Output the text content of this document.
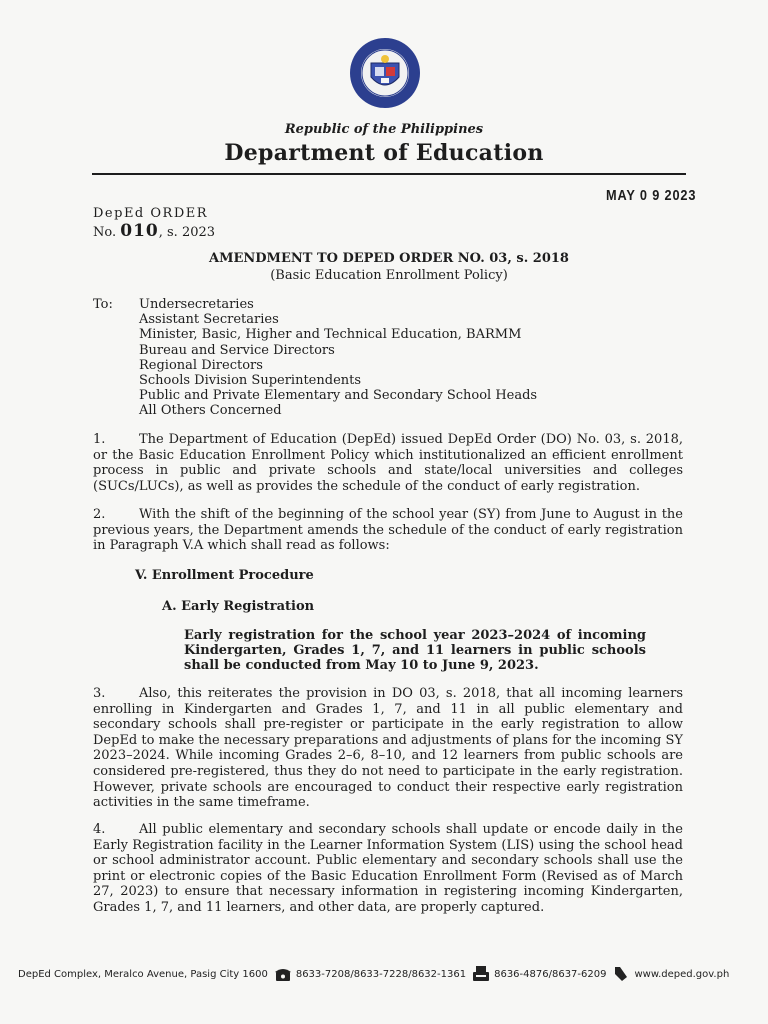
Republic of the Philippines
Department of Education
MAY 0 9 2023
DepEd ORDER
No. 010, s. 2023
AMENDMENT TO DEPED ORDER NO. 03, s. 2018
(Basic Education Enrollment Policy)
To: Undersecretaries
Assistant Secretaries
Minister, Basic, Higher and Technical Education, BARMM
Bureau and Service Directors
Regional Directors
Schools Division Superintendents
Public and Private Elementary and Secondary School Heads
All Others Concerned

1.	The Department of Education (DepEd) issued DepEd Order (DO) No. 03, s. 2018, or the Basic Education Enrollment Policy which institutionalized an efficient enrollment process in public and private schools and state/local universities and colleges (SUCs/LUCs), as well as provides the schedule of the conduct of early registration.

2.	With the shift of the beginning of the school year (SY) from June to August in the previous years, the Department amends the schedule of the conduct of early registration in Paragraph V.A which shall read as follows:

V. Enrollment Procedure
A. Early Registration

Early registration for the school year 2023–2024 of incoming Kindergarten, Grades 1, 7, and 11 learners in public schools shall be conducted from May 10 to June 9, 2023.

3.	Also, this reiterates the provision in DO 03, s. 2018, that all incoming learners enrolling in Kindergarten and Grades 1, 7, and 11 in all public elementary and secondary schools shall pre-register or participate in the early registration to allow DepEd to make the necessary preparations and adjustments of plans for the incoming SY 2023–2024. While incoming Grades 2–6, 8–10, and 12 learners from public schools are considered pre-registered, thus they do not need to participate in the early registration. However, private schools are encouraged to conduct their respective early registration activities in the same timeframe.

4.	All public elementary and secondary schools shall update or encode daily in the Early Registration facility in the Learner Information System (LIS) using the school head or school administrator account. Public elementary and secondary schools shall use the print or electronic copies of the Basic Education Enrollment Form (Revised as of March 27, 2023) to ensure that necessary information in registering incoming Kindergarten, Grades 1, 7, and 11 learners, and other data, are properly captured.

DepEd Complex, Meralco Avenue, Pasig City 1600	8633-7208/8633-7228/8632-1361	8636-4876/8637-6209	www.deped.gov.ph
